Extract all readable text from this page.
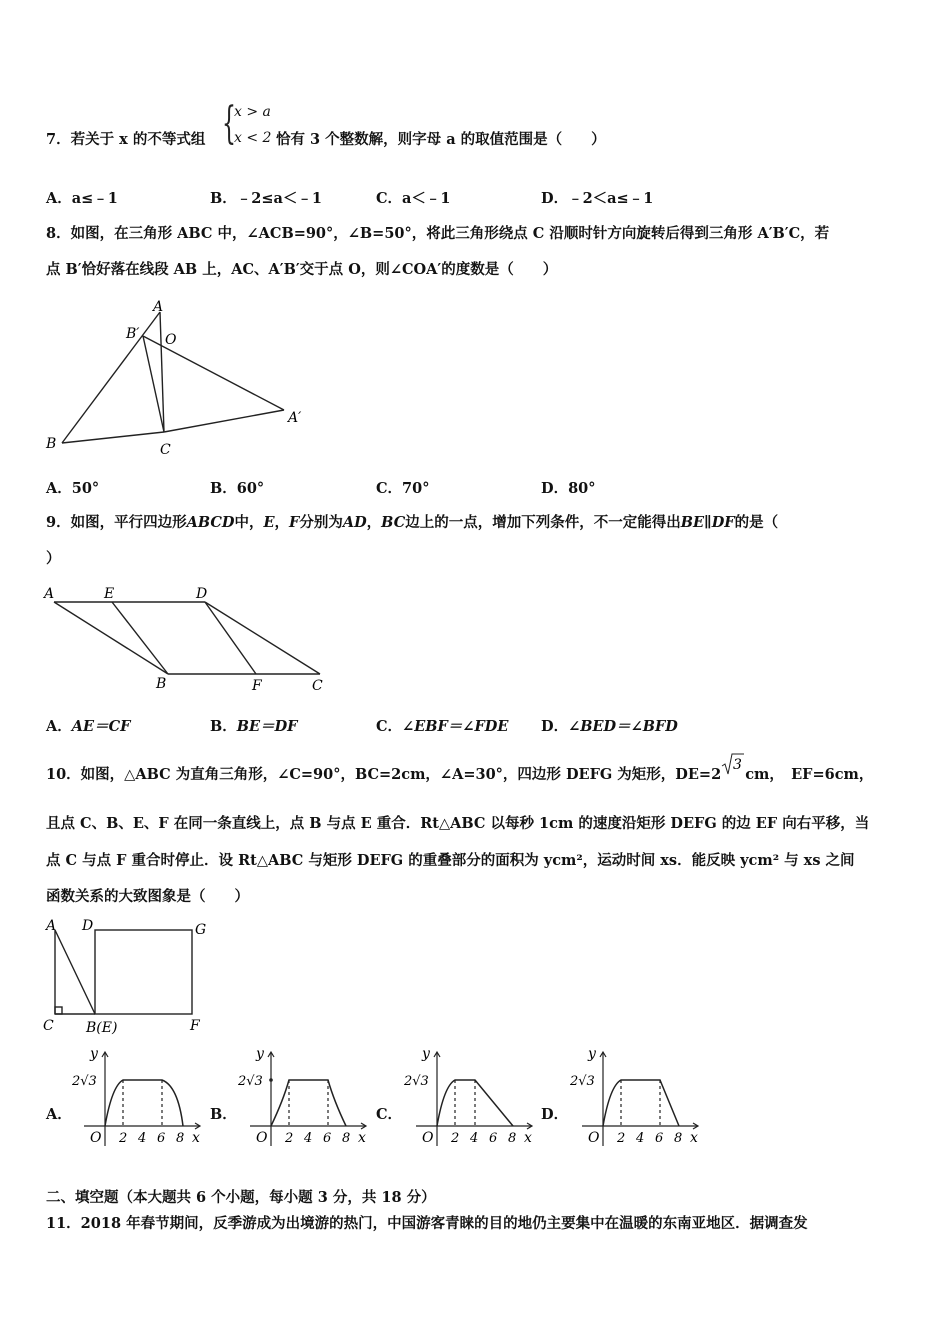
7．若关于 x 的不等式组 {
x > a
x < 2 恰有 3 个整数解，则字母 a 的取值范围是（　　）
A．a≤﹣1	B．﹣2≤a＜﹣1	C．a＜﹣1	D．﹣2＜a≤﹣1
8．如图，在三角形 ABC 中，∠ACB=90°，∠B=50°，将此三角形绕点 C 沿顺时针方向旋转后得到三角形 A′B′C，若
点 B′恰好落在线段 AB 上，AC、A′B′交于点 O，则∠COA′的度数是（　　）
A
B′ O
A′
B	C
A．50°	B．60°	C．70°	D．80°
9．如图，平行四边形ABCD中，E，F分别为AD，BC边上的一点，增加下列条件，不一定能得出BE∥DF的是（
）
A	E	D
B	F	C
A．AE＝CF	B．BE＝DF	C．∠EBF＝∠FDE D．∠BED＝∠BFD
10．如图，△ABC 为直角三角形，∠C=90°，BC=2cm，∠A=30°，四边形 DEFG 为矩形，DE=2
3
cm，　EF=6cm，
且点 C、B、E、F 在同一条直线上，点 B 与点 E 重合．Rt△ABC 以每秒 1cm 的速度沿矩形 DEFG 的边 EF 向右平移，当
点 C 与点 F 重合时停止．设 Rt△ABC 与矩形 DEFG 的重叠部分的面积为 ycm²，运动时间 xs．能反映 ycm² 与 xs 之间
函数关系的大致图象是（　　）
A D	G
C B(E)	F
A．	B．	C．	D．
y
2√3
O 2 4 6 8 x
y
2√3
O 2 4 6 8 x
y
2√3
O 2 4 6 8 x
y
2√3
O 2 4 6 8 x
二、填空题（本大题共 6 个小题，每小题 3 分，共 18 分）
11．2018 年春节期间，反季游成为出境游的热门，中国游客青睐的目的地仍主要集中在温暖的东南亚地区．据调查发
